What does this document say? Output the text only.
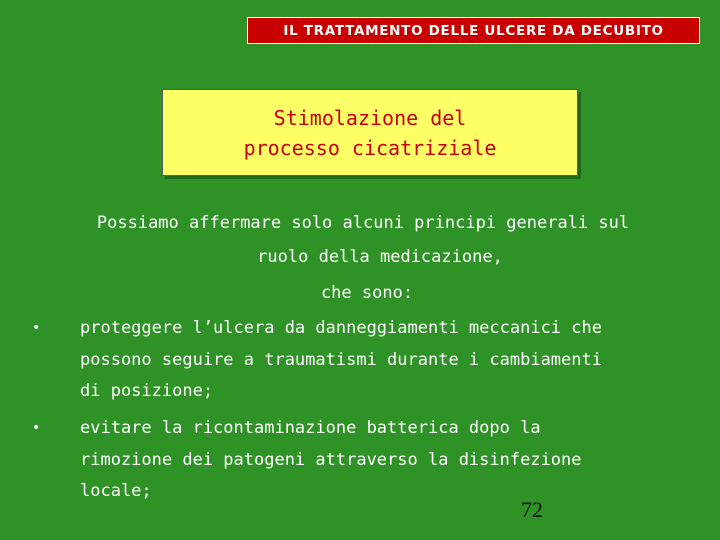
IL TRATTAMENTO DELLE ULCERE DA DECUBITO
Stimolazione del
processo cicatriziale
Possiamo affermare solo alcuni principi generali sul
ruolo della medicazione,
che sono:
• proteggere l’ulcera da danneggiamenti meccanici che
possono seguire a traumatismi durante i cambiamenti
di posizione;
• evitare la ricontaminazione batterica dopo la
rimozione dei patogeni attraverso la disinfezione
locale;
72
